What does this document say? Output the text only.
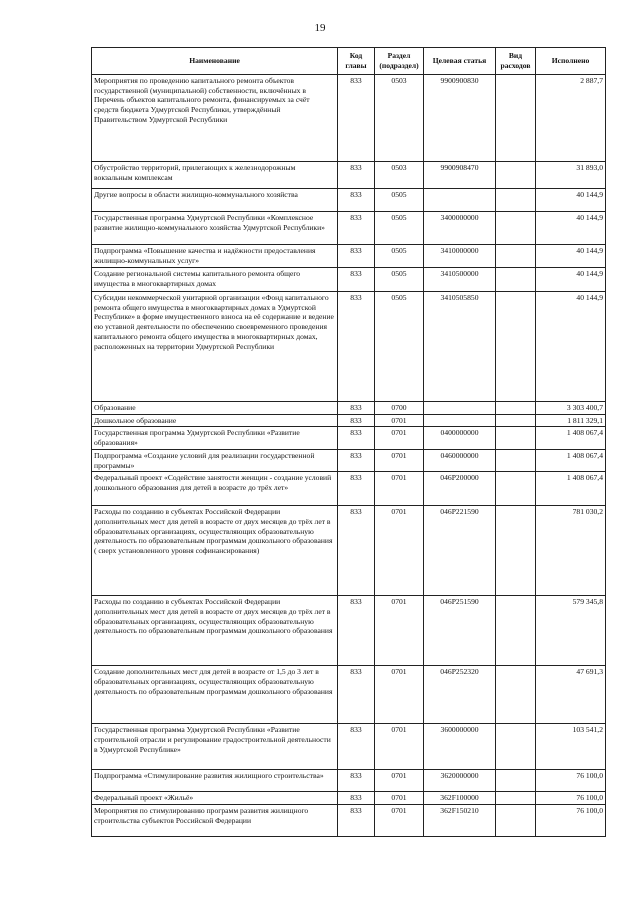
19
Наименование	Код главы	Раздел (подраздел)	Целевая статья	Вид расходов	Исполнено
Мероприятия по проведению капитального ремонта объектов государственной (муниципальной) собственности, включённых в Перечень объектов капитального ремонта, финансируемых за счёт средств бюджета Удмуртской Республики, утверждённый Правительством Удмуртской Республики	833	0503	9900900830		2 887,7
Обустройство территорий, прилегающих к железнодорожным вокзальным комплексам	833	0503	9900908470		31 893,0
Другие вопросы в области жилищно-коммунального хозяйства	833	0505			40 144,9
Государственная программа Удмуртской Республики «Комплексное развитие жилищно-коммунального хозяйства Удмуртской Республики»	833	0505	3400000000		40 144,9
Подпрограмма «Повышение качества и надёжности предоставления жилищно-коммунальных услуг»	833	0505	3410000000		40 144,9
Создание региональной системы капитального ремонта общего имущества в многоквартирных домах	833	0505	3410500000		40 144,9
Субсидии некоммерческой унитарной организации «Фонд капитального ремонта общего имущества в многоквартирных домах в Удмуртской Республике» в форме имущественного взноса на её содержание и ведение ею уставной деятельности по обеспечению своевременного проведения капитального ремонта общего имущества в многоквартирных домах, расположенных на территории Удмуртской Республики	833	0505	3410505850		40 144,9
Образование	833	0700			3 303 400,7
Дошкольное образование	833	0701			1 811 329,1
Государственная программа Удмуртской Республики «Развитие образования»	833	0701	0400000000		1 408 067,4
Подпрограмма «Создание условий для реализации государственной программы»	833	0701	0460000000		1 408 067,4
Федеральный проект «Содействие занятости женщин - создание условий дошкольного образования для детей в возрасте до трёх лет»	833	0701	046P200000		1 408 067,4
Расходы по созданию в субъектах Российской Федерации дополнительных мест для детей в возрасте от двух месяцев до трёх лет в образовательных организациях, осуществляющих образовательную деятельность по образовательным программам дошкольного образования ( сверх установленного уровня софинансирования)	833	0701	046P221590		781 030,2
Расходы по созданию в субъектах Российской Федерации дополнительных мест для детей в возрасте от двух месяцев до трёх лет в образовательных организациях, осуществляющих образовательную деятельность по образовательным программам дошкольного образования	833	0701	046P251590		579 345,8
Создание дополнительных мест для детей в возрасте от 1,5 до 3 лет в образовательных организациях, осуществляющих образовательную деятельность по образовательным программам дошкольного образования	833	0701	046P252320		47 691,3
Государственная программа Удмуртской Республики «Развитие строительной отрасли и регулирование градостроительной деятельности в Удмуртской Республике»	833	0701	3600000000		103 541,2
Подпрограмма «Стимулирование развития жилищного строительства»	833	0701	3620000000		76 100,0
Федеральный проект «Жильё»	833	0701	362F100000		76 100,0
Мероприятия по стимулированию программ развития жилищного строительства субъектов Российской Федерации	833	0701	362F150210		76 100,0
